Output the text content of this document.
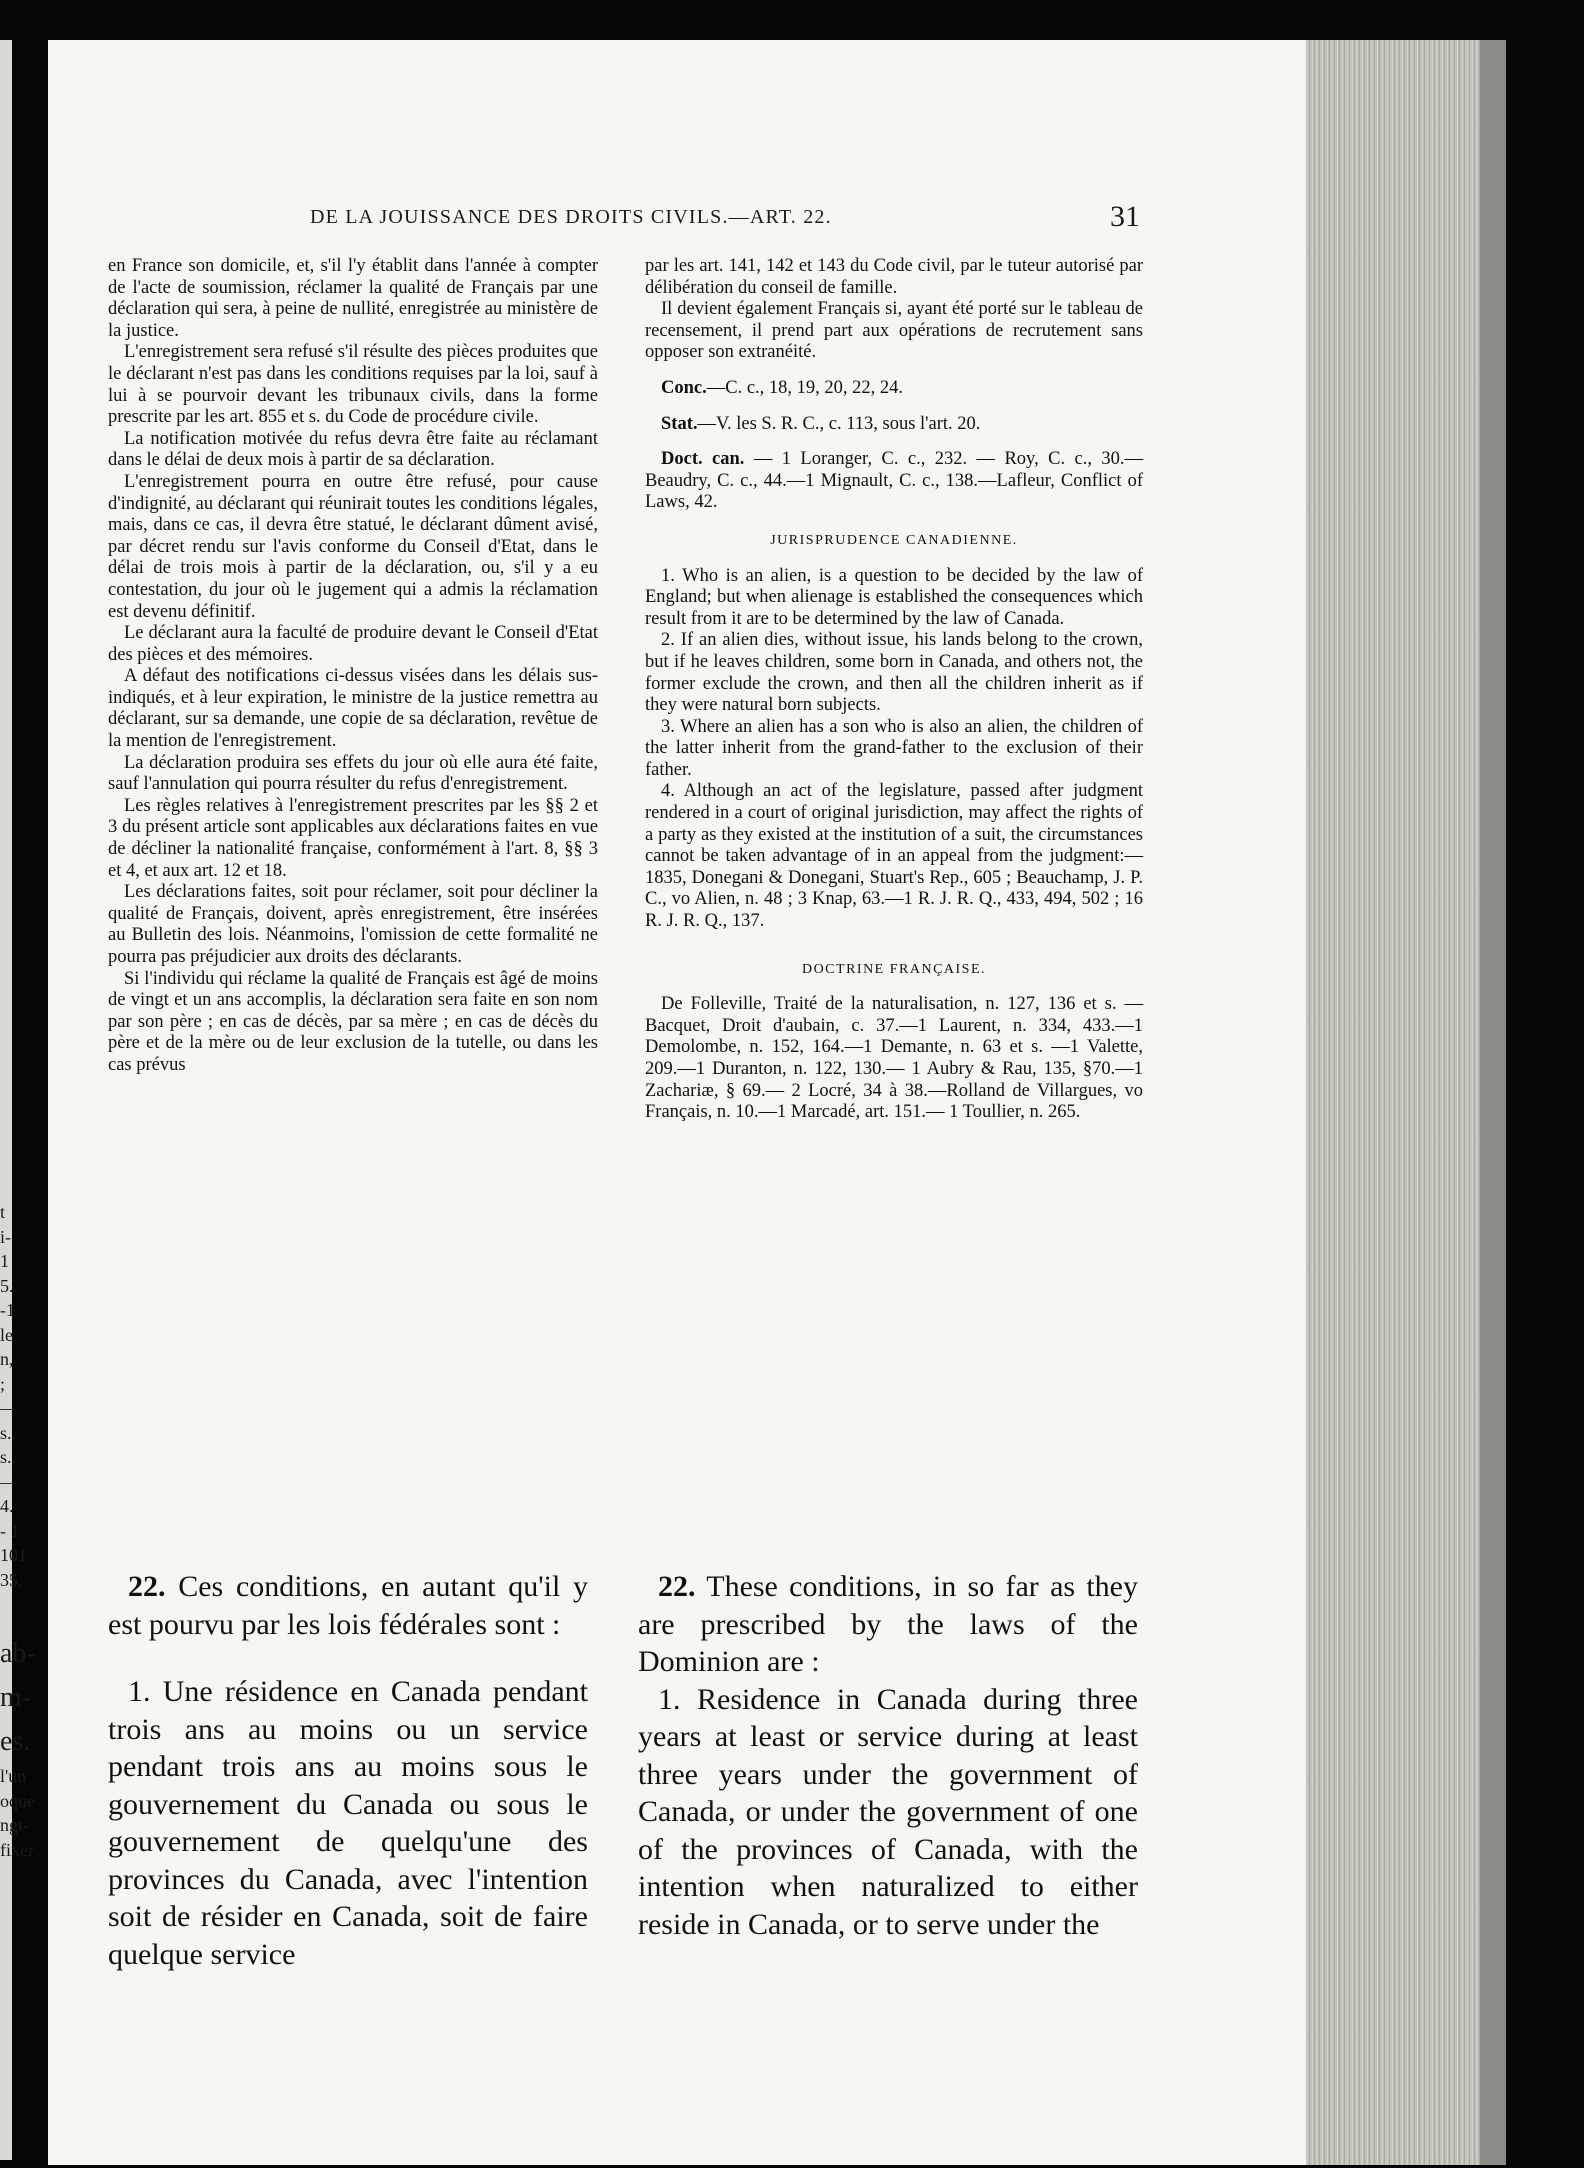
t
i-
1
5.
-1
le
n,
;
—
s.,
s.,
—
4.
- 1
101
35,
ab-
m-
es.
l'un
oque
ngt-
fixer
DE LA JOUISSANCE DES DROITS CIVILS.—ART. 22.	31

en France son domicile, et, s'il l'y établit dans l'année à compter de l'acte de soumission, réclamer la qualité de Français par une déclaration qui sera, à peine de nullité, enregistrée au ministère de la justice.

L'enregistrement sera refusé s'il résulte des pièces produites que le déclarant n'est pas dans les conditions requises par la loi, sauf à lui à se pourvoir devant les tribunaux civils, dans la forme prescrite par les art. 855 et s. du Code de procédure civile.

La notification motivée du refus devra être faite au réclamant dans le délai de deux mois à partir de sa déclaration.

L'enregistrement pourra en outre être refusé, pour cause d'indignité, au déclarant qui réunirait toutes les conditions légales, mais, dans ce cas, il devra être statué, le déclarant dûment avisé, par décret rendu sur l'avis conforme du Conseil d'Etat, dans le délai de trois mois à partir de la déclaration, ou, s'il y a eu contestation, du jour où le jugement qui a admis la réclamation est devenu définitif.

Le déclarant aura la faculté de produire devant le Conseil d'Etat des pièces et des mémoires.

A défaut des notifications ci-dessus visées dans les délais sus-indiqués, et à leur expiration, le ministre de la justice remettra au déclarant, sur sa demande, une copie de sa déclaration, revêtue de la mention de l'enregistrement.

La déclaration produira ses effets du jour où elle aura été faite, sauf l'annulation qui pourra résulter du refus d'enregistrement.

Les règles relatives à l'enregistrement prescrites par les §§ 2 et 3 du présent article sont applicables aux déclarations faites en vue de décliner la nationalité française, conformément à l'art. 8, §§ 3 et 4, et aux art. 12 et 18.

Les déclarations faites, soit pour réclamer, soit pour décliner la qualité de Français, doivent, après enregistrement, être insérées au Bulletin des lois. Néanmoins, l'omission de cette formalité ne pourra pas préjudicier aux droits des déclarants.

Si l'individu qui réclame la qualité de Français est âgé de moins de vingt et un ans accomplis, la déclaration sera faite en son nom par son père ; en cas de décès, par sa mère ; en cas de décès du père et de la mère ou de leur exclusion de la tutelle, ou dans les cas prévus

par les art. 141, 142 et 143 du Code civil, par le tuteur autorisé par délibération du conseil de famille.

Il devient également Français si, ayant été porté sur le tableau de recensement, il prend part aux opérations de recrutement sans opposer son extranéité.

Conc.—C. c., 18, 19, 20, 22, 24.

Stat.—V. les S. R. C., c. 113, sous l'art. 20.

Doct. can. — 1 Loranger, C. c., 232. — Roy, C. c., 30.—Beaudry, C. c., 44.—1 Mignault, C. c., 138.—Lafleur, Conflict of Laws, 42.

JURISPRUDENCE CANADIENNE.

1. Who is an alien, is a question to be decided by the law of England; but when alienage is established the consequences which result from it are to be determined by the law of Canada.

2. If an alien dies, without issue, his lands belong to the crown, but if he leaves children, some born in Canada, and others not, the former exclude the crown, and then all the children inherit as if they were natural born subjects.

3. Where an alien has a son who is also an alien, the children of the latter inherit from the grand-father to the exclusion of their father.

4. Although an act of the legislature, passed after judgment rendered in a court of original jurisdiction, may affect the rights of a party as they existed at the institution of a suit, the circumstances cannot be taken advantage of in an appeal from the judgment:— 1835, Donegani & Donegani, Stuart's Rep., 605 ; Beauchamp, J. P. C., vo Alien, n. 48 ; 3 Knap, 63.—1 R. J. R. Q., 433, 494, 502 ; 16 R. J. R. Q., 137.

DOCTRINE FRANÇAISE.

De Folleville, Traité de la naturalisation, n. 127, 136 et s. — Bacquet, Droit d'aubain, c. 37.—1 Laurent, n. 334, 433.—1 Demolombe, n. 152, 164.—1 Demante, n. 63 et s. —1 Valette, 209.—1 Duranton, n. 122, 130.— 1 Aubry & Rau, 135, §70.—1 Zachariæ, § 69.— 2 Locré, 34 à 38.—Rolland de Villargues, vo Français, n. 10.—1 Marcadé, art. 151.— 1 Toullier, n. 265.

22. Ces conditions, en autant qu'il y est pourvu par les lois fédérales sont :

1. Une résidence en Canada pendant trois ans au moins ou un service pendant trois ans au moins sous le gouvernement du Canada ou sous le gouvernement de quelqu'une des provinces du Canada, avec l'intention soit de résider en Canada, soit de faire quelque service

22. These conditions, in so far as they are prescribed by the laws of the Dominion are :

1. Residence in Canada during three years at least or service during at least three years under the government of Canada, or under the government of one of the provinces of Canada, with the intention when naturalized to either reside in Canada, or to serve under the
